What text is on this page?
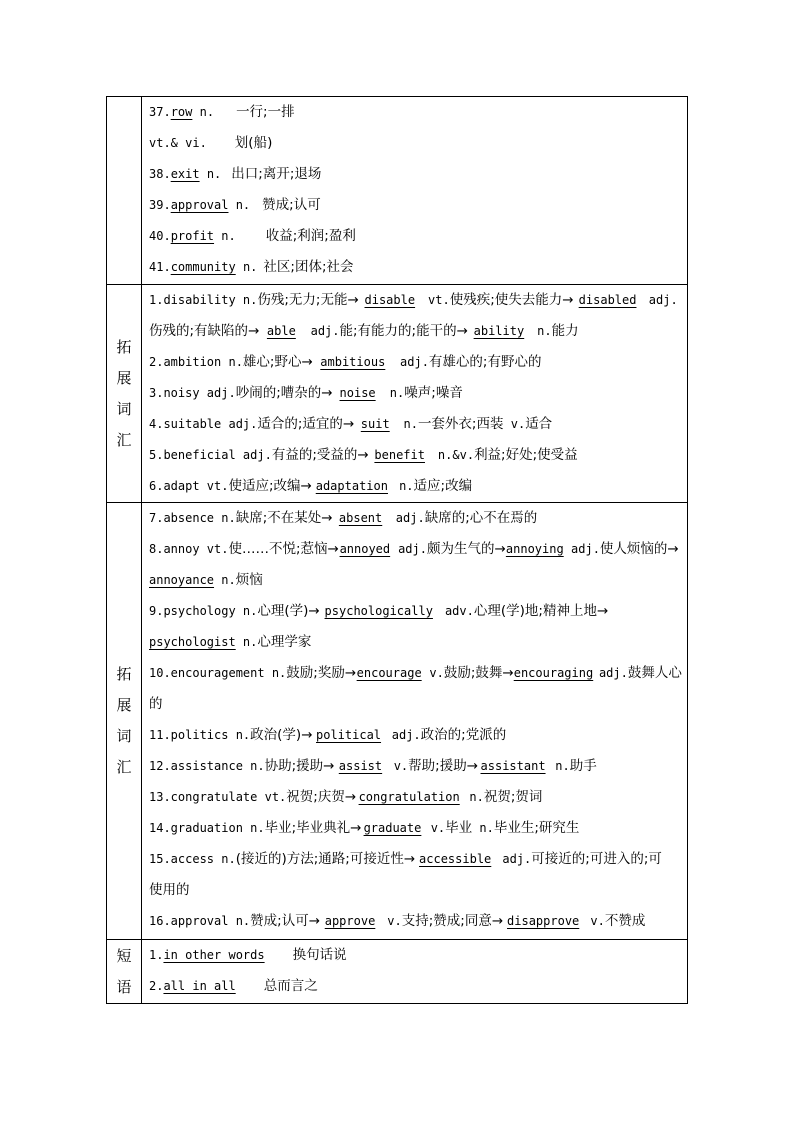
37.row n. 一行;一排
vt.& vi. 划(船)
38.exit n. 出口;离开;退场
39.approval n. 赞成;认可
40.profit n. 收益;利润;盈利
41.community n. 社区;团体;社会
拓
展
词
汇
1.disability n.伤残;无力;无能→ disable vt.使残疾;使失去能力→ disabled adj.
伤残的;有缺陷的→ able adj.能;有能力的;能干的→ ability n.能力
2.ambition n.雄心;野心→ ambitious adj.有雄心的;有野心的
3.noisy adj.吵闹的;嘈杂的→ noise n.噪声;噪音
4.suitable adj.适合的;适宜的→ suit n.一套外衣;西装 v.适合
5.beneficial adj.有益的;受益的→ benefit n.&v.利益;好处;使受益
6.adapt vt.使适应;改编→ adaptation n.适应;改编
拓
展
词
汇
7.absence n.缺席;不在某处→ absent adj.缺席的;心不在焉的
8.annoy vt.使……不悦;惹恼→annoyed adj.颇为生气的→annoying adj.使人烦恼的→
annoyance n.烦恼
9.psychology n.心理(学)→ psychologically adv.心理(学)地;精神上地→
psychologist n.心理学家
10.encouragement n.鼓励;奖励→encourage v.鼓励;鼓舞→encouraging adj.鼓舞人心
的
11.politics n.政治(学)→ political adj.政治的;党派的
12.assistance n.协助;援助→ assist v.帮助;援助→ assistant n.助手
13.congratulate vt.祝贺;庆贺→ congratulation n.祝贺;贺词
14.graduation n.毕业;毕业典礼→ graduate v.毕业 n.毕业生;研究生
15.access n.(接近的)方法;通路;可接近性→ accessible adj.可接近的;可进入的;可
使用的
16.approval n.赞成;认可→ approve v.支持;赞成;同意→ disapprove v.不赞成
短
语
1.in other words 换句话说
2.all in all 总而言之
